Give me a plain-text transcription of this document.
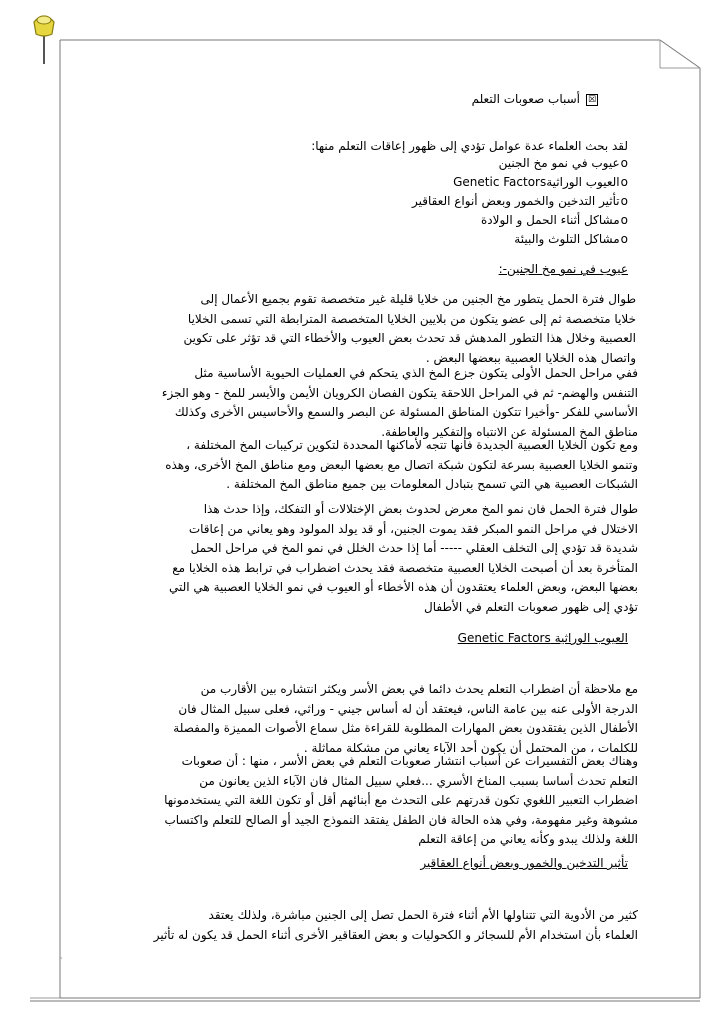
☒أسباب صعوبات التعلم
لقد بحث العلماء عدة عوامل تؤدي إلى ظهور إعاقات التعلم منها:
oعيوب في نمو مخ الجنين
oالعيوب الوراثيةGenetic Factors
oتأثير التدخين والخمور وبعض أنواع العقاقير
oمشاكل أثناء الحمل و الولادة
oمشاكل التلوث والبيئة
عيوب في نمو مخ الجنين-:
طوال فترة الحمل يتطور مخ الجنين من خلايا قليلة غير متخصصة تقوم بجميع الأعمال إلى
خلايا متخصصة ثم إلى عضو يتكون من بلايين الخلايا المتخصصة المترابطة التي تسمى الخلايا
العصبية وخلال هذا التطور المدهش قد تحدث بعض العيوب والأخطاء التي قد تؤثر على تكوين
واتصال هذه الخلايا العصبية ببعضها البعض .
ففي مراحل الحمل الأولى يتكون جزع المخ الذي يتحكم في العمليات الحيوية الأساسية مثل
التنفس والهضم- ثم في المراحل اللاحقة يتكون الفصان الكرويان الأيمن والأيسر للمخ - وهو الجزء
الأساسي للفكر -وأخيرا تتكون المناطق المسئولة عن البصر والسمع والأحاسيس الأخرى وكذلك
مناطق المخ المسئولة عن الانتباه والتفكير والعاطفة.
ومع تكون الخلايا العصبية الجديدة فأنها تتجه لأماكنها المحددة لتكوين تركيبات المخ المختلفة ،
وتنمو الخلايا العصبية بسرعة لتكون شبكة اتصال مع بعضها البعض ومع مناطق المخ الأخرى، وهذه
الشبكات العصبية هي التي تسمح بتبادل المعلومات بين جميع مناطق المخ المختلفة .
طوال فترة الحمل فان نمو المخ معرض لحدوث بعض الإختلالات أو التفكك، وإذا حدث هذا
الاختلال في مراحل النمو المبكر فقد يموت الجنين، أو قد يولد المولود وهو يعاني من إعاقات
شديدة قد تؤدي إلى التخلف العقلي ----- أما إذا حدث الخلل في نمو المخ في مراحل الحمل
المتأخرة بعد أن أصبحت الخلايا العصبية متخصصة فقد يحدث اضطراب في ترابط هذه الخلايا مع
بعضها البعض، وبعض العلماء يعتقدون أن هذه الأخطاء أو العيوب في نمو الخلايا العصبية هي التي
تؤدي إلى ظهور صعوبات التعلم في الأطفال
العيوب الوراثية Genetic Factors
مع ملاحظة أن اضطراب التعلم يحدث دائما في بعض الأسر ويكثر انتشاره بين الأقارب من
الدرجة الأولى عنه بين عامة الناس، فيعتقد أن له أساس جيني - وراثي، فعلى سبيل المثال فان
الأطفال الذين يفتقدون بعض المهارات المطلوبة للقراءة مثل سماع الأصوات المميزة والمفصلة
للكلمات ، من المحتمل أن يكون أحد الآباء يعاني من مشكلة مماثلة .
وهناك بعض التفسيرات عن أسباب انتشار صعوبات التعلم في بعض الأسر ، منها : أن صعوبات
التعلم تحدث أساسا بسبب المناخ الأسري ...فعلي سبيل المثال فان الآباء الذين يعانون من
اضطراب التعبير اللغوي تكون قدرتهم على التحدث مع أبنائهم أقل أو تكون اللغة التي يستخدمونها
مشوهة وغير مفهومة، وفي هذه الحالة فان الطفل يفتقد النموذج الجيد أو الصالح للتعلم واكتساب
اللغة ولذلك يبدو وكأنه يعاني من إعاقة التعلم
تأثير التدخين والخمور وبعض أنواع العقاقير
كثير من الأدوية التي تتناولها الأم أثناء فترة الحمل تصل إلى الجنين مباشرة، ولذلك يعتقد
العلماء بأن استخدام الأم للسجائر و الكحوليات و بعض العقاقير الأخرى أثناء الحمل قد يكون له تأثير
